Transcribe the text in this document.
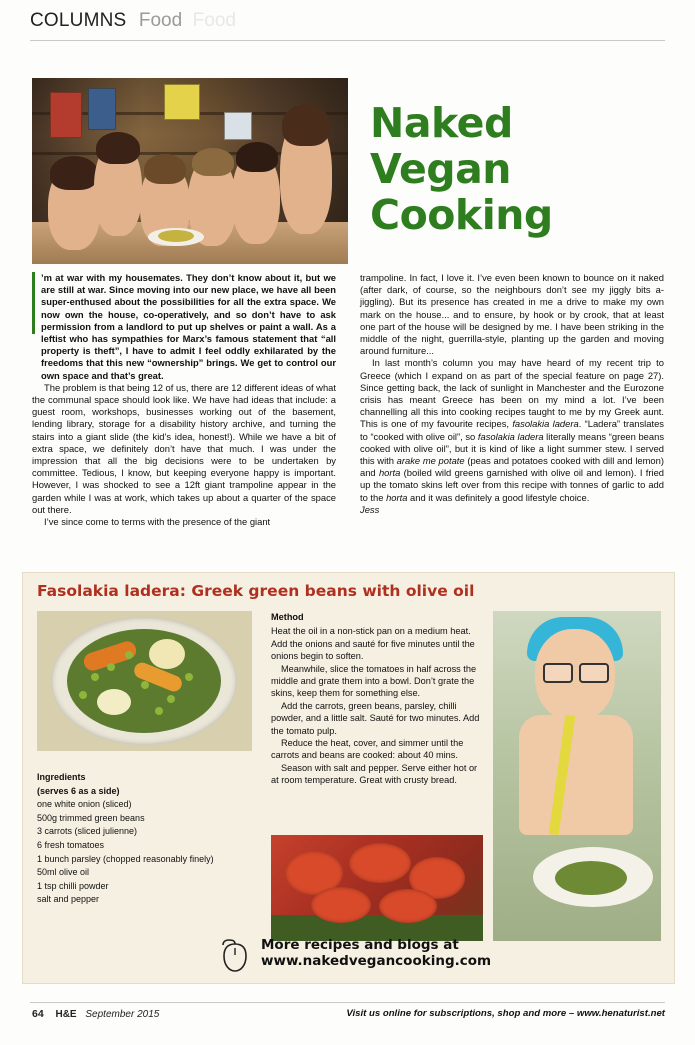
COLUMNS Food Food
Naked
Vegan
Cooking

’m at war with my housemates. They don’t know about it, but we are still at war. Since moving into our new place, we have all been super-enthused about the possibilities for all the extra space. We now own the house, co-operatively, and so don’t have to ask permission from a landlord to put up shelves or paint a wall. As a leftist who has sympathies for Marx’s famous statement that “all property is theft”, I have to admit I feel oddly exhilarated by the freedoms that this new “ownership” brings. We get to control our own space and that’s great.

The problem is that being 12 of us, there are 12 different ideas of what the communal space should look like. We have had ideas that include: a guest room, workshops, businesses working out of the basement, lending library, storage for a disability history archive, and turning the stairs into a giant slide (the kid’s idea, honest!). While we have a bit of extra space, we definitely don’t have that much. I was under the impression that all the big decisions were to be undertaken by committee. Tedious, I know, but keeping everyone happy is important. However, I was shocked to see a 12ft giant trampoline appear in the garden while I was at work, which takes up about a quarter of the space out there.

I’ve since come to terms with the presence of the giant

trampoline. In fact, I love it. I’ve even been known to bounce on it naked (after dark, of course, so the neighbours don’t see my jiggly bits a-jiggling). But its presence has created in me a drive to make my own mark on the house... and to ensure, by hook or by crook, that at least one part of the house will be designed by me. I have been striking in the middle of the night, guerrilla-style, planting up the garden and moving around furniture...

In last month’s column you may have heard of my recent trip to Greece (which I expand on as part of the special feature on page 27). Since getting back, the lack of sunlight in Manchester and the Eurozone crisis has meant Greece has been on my mind a lot. I’ve been channelling all this into cooking recipes taught to me by my Greek aunt. This is one of my favourite recipes, fasolakia ladera. “Ladera” translates to “cooked with olive oil”, so fasolakia ladera literally means “green beans cooked with olive oil”, but it is kind of like a light summer stew. I served this with arake me potate (peas and potatoes cooked with dill and lemon) and horta (boiled wild greens garnished with olive oil and lemon). I fried up the tomato skins left over from this recipe with tonnes of garlic to add to the horta and it was definitely a good lifestyle choice.

Jess

Fasolakia ladera: Greek green beans with olive oil
Ingredients
(serves 6 as a side)
one white onion (sliced)
500g trimmed green beans
3 carrots (sliced julienne)
6 fresh tomatoes
1 bunch parsley (chopped reasonably finely)
50ml olive oil
1 tsp chilli powder
salt and pepper
Method

Heat the oil in a non-stick pan on a medium heat. Add the onions and sauté for five minutes until the onions begin to soften.

Meanwhile, slice the tomatoes in half across the middle and grate them into a bowl. Don’t grate the skins, keep them for something else.

Add the carrots, green beans, parsley, chilli powder, and a little salt. Sauté for two minutes. Add the tomato pulp.

Reduce the heat, cover, and simmer until the carrots and beans are cooked: about 40 mins.

Season with salt and pepper. Serve either hot or at room temperature. Great with crusty bread.

More recipes and blogs at www.nakedvegancooking.com
64 H&E September 2015	Visit us online for subscriptions, shop and more – www.henaturist.net
